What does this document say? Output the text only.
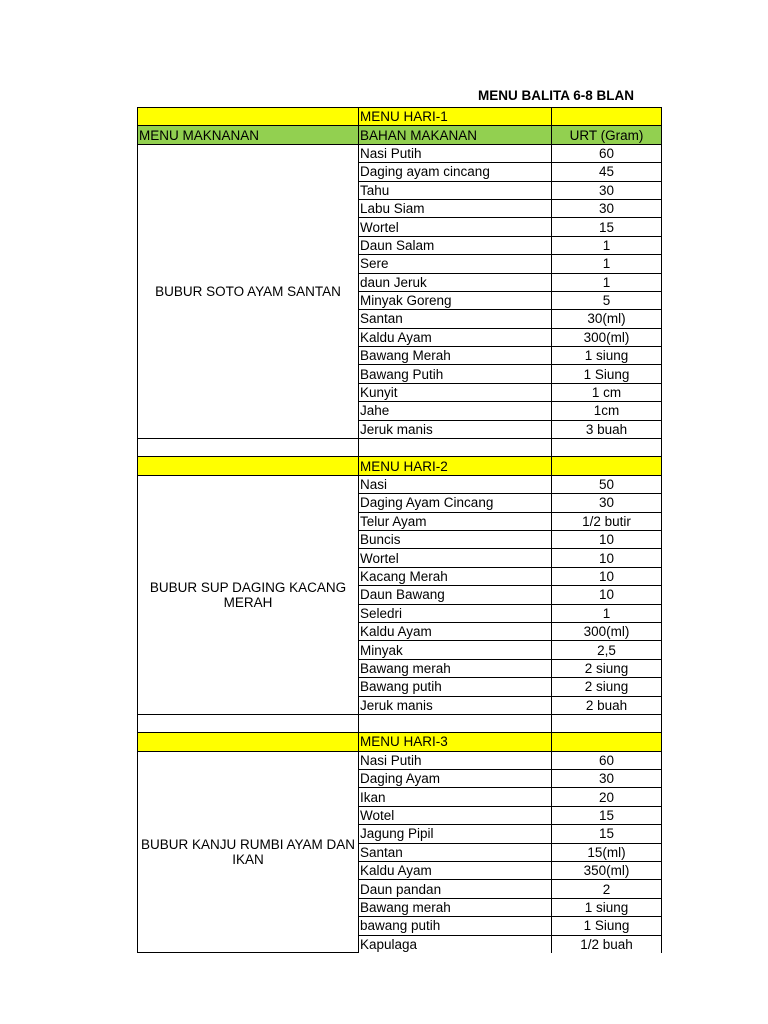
MENU BALITA 6-8 BLAN
	MENU HARI-1	
MENU MAKNANAN	BAHAN MAKANAN	URT (Gram)
BUBUR SOTO AYAM SANTAN	Nasi Putih	60
	Daging ayam cincang	45
	Tahu	30
	Labu Siam	30
	Wortel	15
	Daun Salam	1
	Sere	1
	daun Jeruk	1
	Minyak Goreng	5
	Santan	30(ml)
	Kaldu Ayam	300(ml)
	Bawang Merah	1 siung
	Bawang Putih	1 Siung
	Kunyit	1 cm
	Jahe	1cm
	Jeruk manis	3 buah

	MENU HARI-2	
BUBUR SUP DAGING KACANG MERAH	Nasi	50
	Daging Ayam Cincang	30
	Telur Ayam	1/2 butir
	Buncis	10
	Wortel	10
	Kacang Merah	10
	Daun Bawang	10
	Seledri	1
	Kaldu Ayam	300(ml)
	Minyak	2,5
	Bawang merah	2 siung
	Bawang putih	2 siung
	Jeruk manis	2 buah

	MENU HARI-3	
BUBUR KANJU RUMBI AYAM DAN IKAN	Nasi Putih	60
	Daging Ayam	30
	Ikan	20
	Wotel	15
	Jagung Pipil	15
	Santan	15(ml)
	Kaldu Ayam	350(ml)
	Daun pandan	2
	Bawang merah	1 siung
	bawang putih	1 Siung
	Kapulaga	1/2 buah
